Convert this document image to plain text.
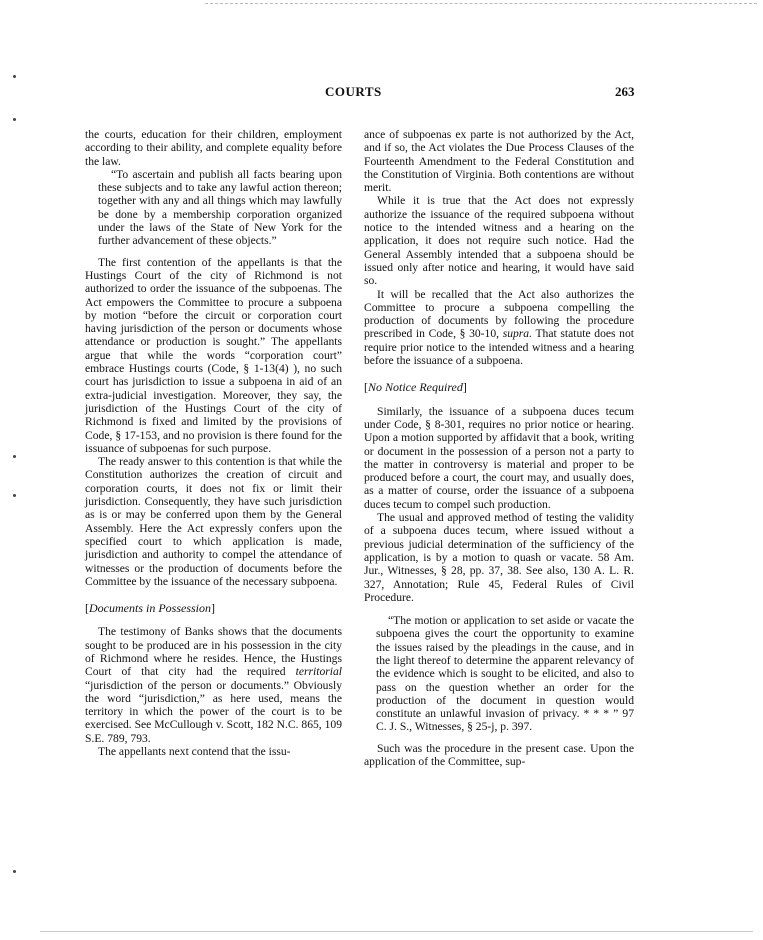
COURTS	263

the courts, education for their children, employment according to their ability, and complete equality before the law.

“To ascertain and publish all facts bearing upon these subjects and to take any lawful action thereon; together with any and all things which may lawfully be done by a membership corporation organized under the laws of the State of New York for the further advancement of these objects.”

The first contention of the appellants is that the Hustings Court of the city of Richmond is not authorized to order the issuance of the subpoenas. The Act empowers the Committee to procure a subpoena by motion “before the circuit or corporation court having jurisdiction of the person or documents whose attendance or production is sought.” The appellants argue that while the words “corporation court” embrace Hustings courts (Code, § 1-13(4) ), no such court has jurisdiction to issue a subpoena in aid of an extra-judicial investigation. Moreover, they say, the jurisdiction of the Hustings Court of the city of Richmond is fixed and limited by the provisions of Code, § 17-153, and no provision is there found for the issuance of subpoenas for such purpose.

The ready answer to this contention is that while the Constitution authorizes the creation of circuit and corporation courts, it does not fix or limit their jurisdiction. Consequently, they have such jurisdiction as is or may be conferred upon them by the General Assembly. Here the Act expressly confers upon the specified court to which application is made, jurisdiction and authority to compel the attendance of witnesses or the production of documents before the Committee by the issuance of the necessary subpoena.

[Documents in Possession]

The testimony of Banks shows that the documents sought to be produced are in his possession in the city of Richmond where he resides. Hence, the Hustings Court of that city had the required territorial “jurisdiction of the person or documents.” Obviously the word “jurisdiction,” as here used, means the territory in which the power of the court is to be exercised. See McCullough v. Scott, 182 N.C. 865, 109 S.E. 789, 793.

The appellants next contend that the issu-

ance of subpoenas ex parte is not authorized by the Act, and if so, the Act violates the Due Process Clauses of the Fourteenth Amendment to the Federal Constitution and the Constitution of Virginia. Both contentions are without merit.

While it is true that the Act does not expressly authorize the issuance of the required subpoena without notice to the intended witness and a hearing on the application, it does not require such notice. Had the General Assembly intended that a subpoena should be issued only after notice and hearing, it would have said so.

It will be recalled that the Act also authorizes the Committee to procure a subpoena compelling the production of documents by following the procedure prescribed in Code, § 30-10, supra. That statute does not require prior notice to the intended witness and a hearing before the issuance of a subpoena.

[No Notice Required]

Similarly, the issuance of a subpoena duces tecum under Code, § 8-301, requires no prior notice or hearing. Upon a motion supported by affidavit that a book, writing or document in the possession of a person not a party to the matter in controversy is material and proper to be produced before a court, the court may, and usually does, as a matter of course, order the issuance of a subpoena duces tecum to compel such production.

The usual and approved method of testing the validity of a subpoena duces tecum, where issued without a previous judicial determination of the sufficiency of the application, is by a motion to quash or vacate. 58 Am. Jur., Witnesses, § 28, pp. 37, 38. See also, 130 A. L. R. 327, Annotation; Rule 45, Federal Rules of Civil Procedure.

“The motion or application to set aside or vacate the subpoena gives the court the opportunity to examine the issues raised by the pleadings in the cause, and in the light thereof to determine the apparent relevancy of the evidence which is sought to be elicited, and also to pass on the question whether an order for the production of the document in question would constitute an unlawful invasion of privacy. * * * ” 97 C. J. S., Witnesses, § 25-j, p. 397.

Such was the procedure in the present case. Upon the application of the Committee, sup-
